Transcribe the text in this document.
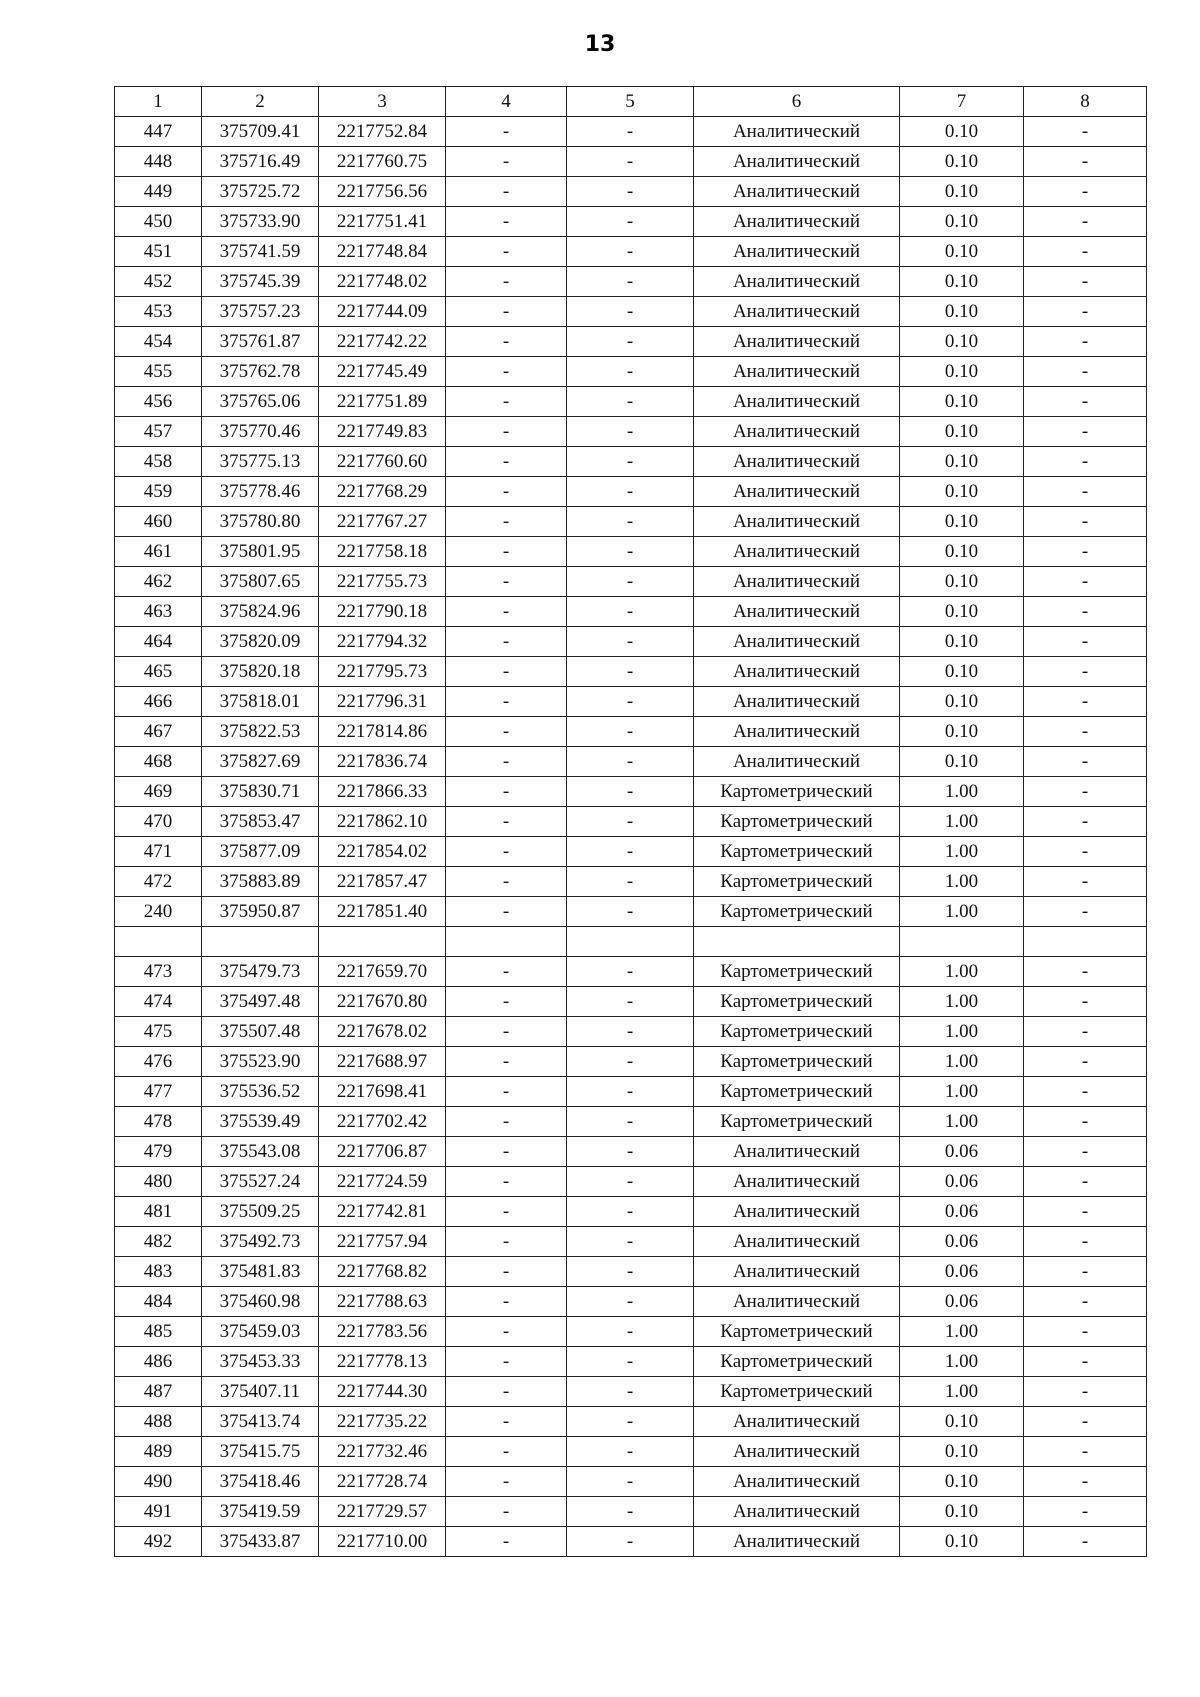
13
1	2	3	4	5	6	7	8
447	375709.41	2217752.84	-	-	Аналитический	0.10	-
448	375716.49	2217760.75	-	-	Аналитический	0.10	-
449	375725.72	2217756.56	-	-	Аналитический	0.10	-
450	375733.90	2217751.41	-	-	Аналитический	0.10	-
451	375741.59	2217748.84	-	-	Аналитический	0.10	-
452	375745.39	2217748.02	-	-	Аналитический	0.10	-
453	375757.23	2217744.09	-	-	Аналитический	0.10	-
454	375761.87	2217742.22	-	-	Аналитический	0.10	-
455	375762.78	2217745.49	-	-	Аналитический	0.10	-
456	375765.06	2217751.89	-	-	Аналитический	0.10	-
457	375770.46	2217749.83	-	-	Аналитический	0.10	-
458	375775.13	2217760.60	-	-	Аналитический	0.10	-
459	375778.46	2217768.29	-	-	Аналитический	0.10	-
460	375780.80	2217767.27	-	-	Аналитический	0.10	-
461	375801.95	2217758.18	-	-	Аналитический	0.10	-
462	375807.65	2217755.73	-	-	Аналитический	0.10	-
463	375824.96	2217790.18	-	-	Аналитический	0.10	-
464	375820.09	2217794.32	-	-	Аналитический	0.10	-
465	375820.18	2217795.73	-	-	Аналитический	0.10	-
466	375818.01	2217796.31	-	-	Аналитический	0.10	-
467	375822.53	2217814.86	-	-	Аналитический	0.10	-
468	375827.69	2217836.74	-	-	Аналитический	0.10	-
469	375830.71	2217866.33	-	-	Картометрический	1.00	-
470	375853.47	2217862.10	-	-	Картометрический	1.00	-
471	375877.09	2217854.02	-	-	Картометрический	1.00	-
472	375883.89	2217857.47	-	-	Картометрический	1.00	-
240	375950.87	2217851.40	-	-	Картометрический	1.00	-

473	375479.73	2217659.70	-	-	Картометрический	1.00	-
474	375497.48	2217670.80	-	-	Картометрический	1.00	-
475	375507.48	2217678.02	-	-	Картометрический	1.00	-
476	375523.90	2217688.97	-	-	Картометрический	1.00	-
477	375536.52	2217698.41	-	-	Картометрический	1.00	-
478	375539.49	2217702.42	-	-	Картометрический	1.00	-
479	375543.08	2217706.87	-	-	Аналитический	0.06	-
480	375527.24	2217724.59	-	-	Аналитический	0.06	-
481	375509.25	2217742.81	-	-	Аналитический	0.06	-
482	375492.73	2217757.94	-	-	Аналитический	0.06	-
483	375481.83	2217768.82	-	-	Аналитический	0.06	-
484	375460.98	2217788.63	-	-	Аналитический	0.06	-
485	375459.03	2217783.56	-	-	Картометрический	1.00	-
486	375453.33	2217778.13	-	-	Картометрический	1.00	-
487	375407.11	2217744.30	-	-	Картометрический	1.00	-
488	375413.74	2217735.22	-	-	Аналитический	0.10	-
489	375415.75	2217732.46	-	-	Аналитический	0.10	-
490	375418.46	2217728.74	-	-	Аналитический	0.10	-
491	375419.59	2217729.57	-	-	Аналитический	0.10	-
492	375433.87	2217710.00	-	-	Аналитический	0.10	-
